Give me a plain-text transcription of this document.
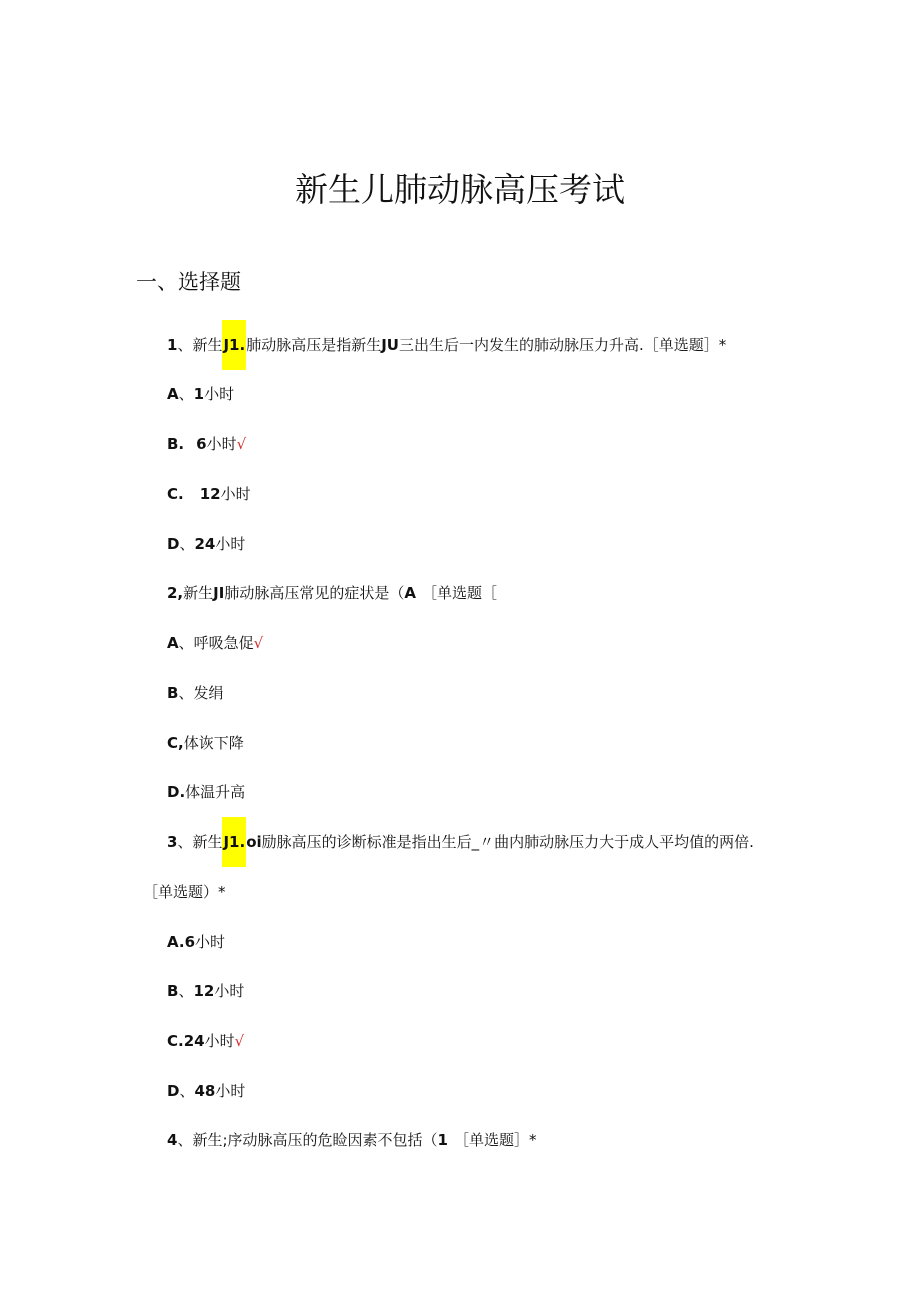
新生儿肺动脉高压考试
一、选择题
1、新生J1.肺动脉高压是指新生JU三出生后一内发生的肺动脉压力升高.［单选题］*
A、1小时
B. 6小时√
C. 12小时
D、24小时
2,新生JI肺动脉高压常见的症状是（A ［单选题［
A、呼吸急促√
B、发绢
C,体诙下降
D.体温升高
3、新生J1.oi励脉高压的诊断标准是指出生后_〃曲内肺动脉压力大于成人平均值的两倍.
［单选题）*
A.6小时
B、12小时
C.24小时√
D、48小时
4、新生;序动脉高压的危睑因素不包括（1 ［单选题］*
